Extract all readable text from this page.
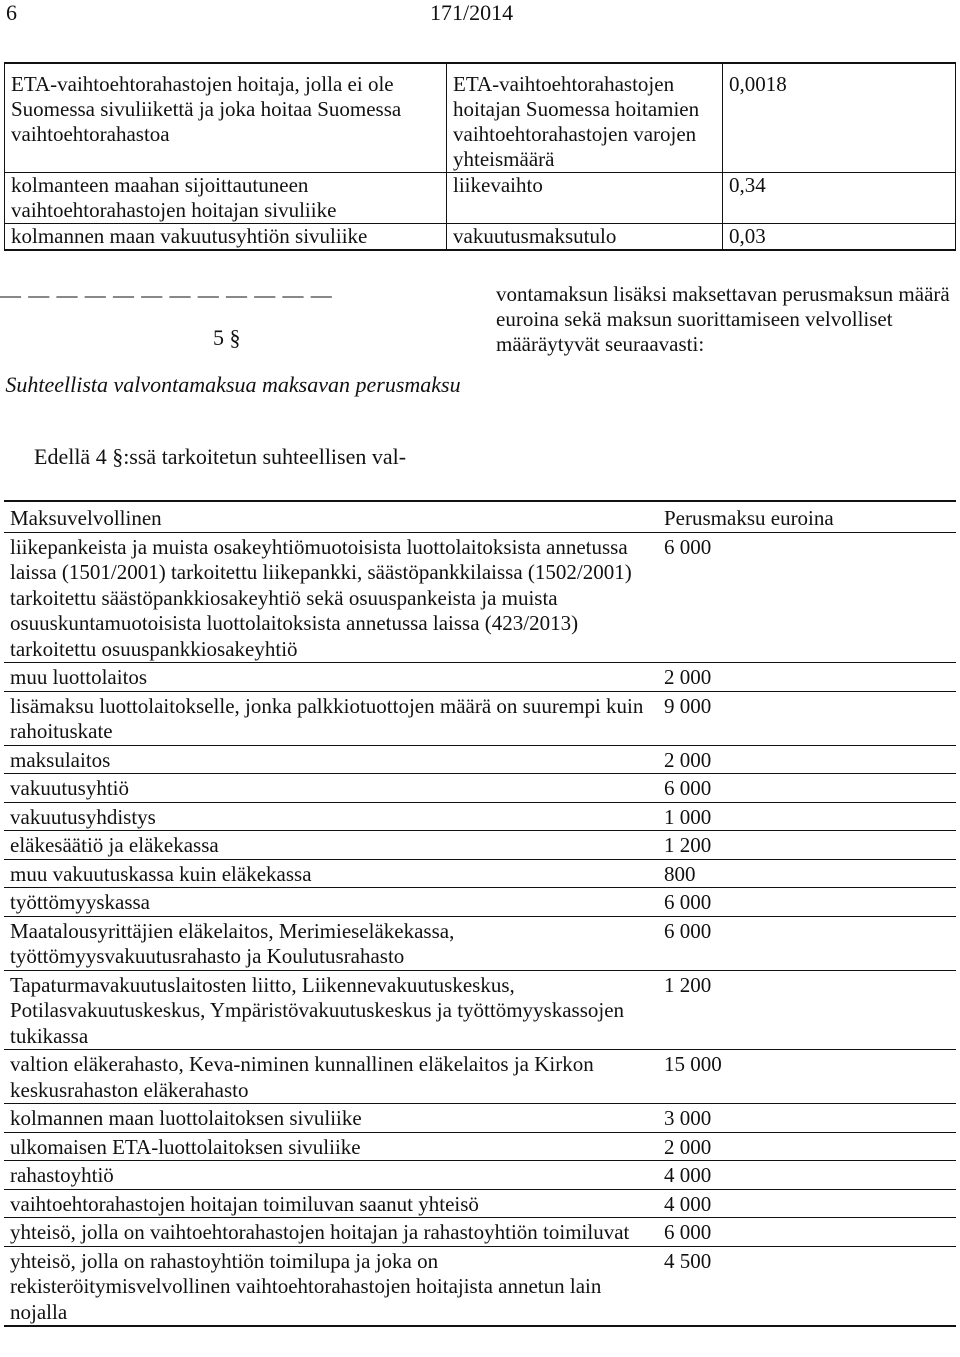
6	171/2014
ETA-vaihtoehtorahastojen hoitaja, jolla ei ole Suomessa sivuliikettä ja joka hoitaa Suomessa vaihtoehtorahastoa	ETA-vaihtoehtorahastojen hoitajan Suomessa hoitamien vaihtoehtorahastojen varojen yhteismäärä	0,0018
kolmanteen maahan sijoittautuneen vaihtoehtorahastojen hoitajan sivuliike	liikevaihto	0,34
kolmannen maan vakuutusyhtiön sivuliike	vakuutusmaksutulo	0,03
— — — — — — — — — — — —
5 §
Suhteellista valvontamaksua maksavan perusmaksu
Edellä 4 §:ssä tarkoitetun suhteellisen val-
vontamaksun lisäksi maksettavan perusmaksun määrä euroina sekä maksun suorittamiseen velvolliset määräytyvät seuraavasti:
Maksuvelvollinen	Perusmaksu euroina
liikepankeista ja muista osakeyhtiömuotoisista luottolaitoksista annetussa laissa (1501/2001) tarkoitettu liikepankki, säästöpankkilaissa (1502/2001) tarkoitettu säästöpankkiosakeyhtiö sekä osuuspankeista ja muista osuuskuntamuotoisista luottolaitoksista annetussa laissa (423/2013) tarkoitettu osuuspankkiosakeyhtiö	6 000
muu luottolaitos	2 000
lisämaksu luottolaitokselle, jonka palkkiotuottojen määrä on suurempi kuin rahoituskate	9 000
maksulaitos	2 000
vakuutusyhtiö	6 000
vakuutusyhdistys	1 000
eläkesäätiö ja eläkekassa	1 200
muu vakuutuskassa kuin eläkekassa	800
työttömyyskassa	6 000
Maatalousyrittäjien eläkelaitos, Merimieseläkekassa, työttömyysvakuutusrahasto ja Koulutusrahasto	6 000
Tapaturmavakuutuslaitosten liitto, Liikennevakuutuskeskus, Potilasvakuutuskeskus, Ympäristövakuutuskeskus ja työttömyyskassojen tukikassa	1 200
valtion eläkerahasto, Keva-niminen kunnallinen eläkelaitos ja Kirkon keskusrahaston eläkerahasto	15 000
kolmannen maan luottolaitoksen sivuliike	3 000
ulkomaisen ETA-luottolaitoksen sivuliike	2 000
rahastoyhtiö	4 000
vaihtoehtorahastojen hoitajan toimiluvan saanut yhteisö	4 000
yhteisö, jolla on vaihtoehtorahastojen hoitajan ja rahastoyhtiön toimiluvat	6 000
yhteisö, jolla on rahastoyhtiön toimilupa ja joka on rekisteröitymisvelvollinen vaihtoehtorahastojen hoitajista annetun lain nojalla	4 500
